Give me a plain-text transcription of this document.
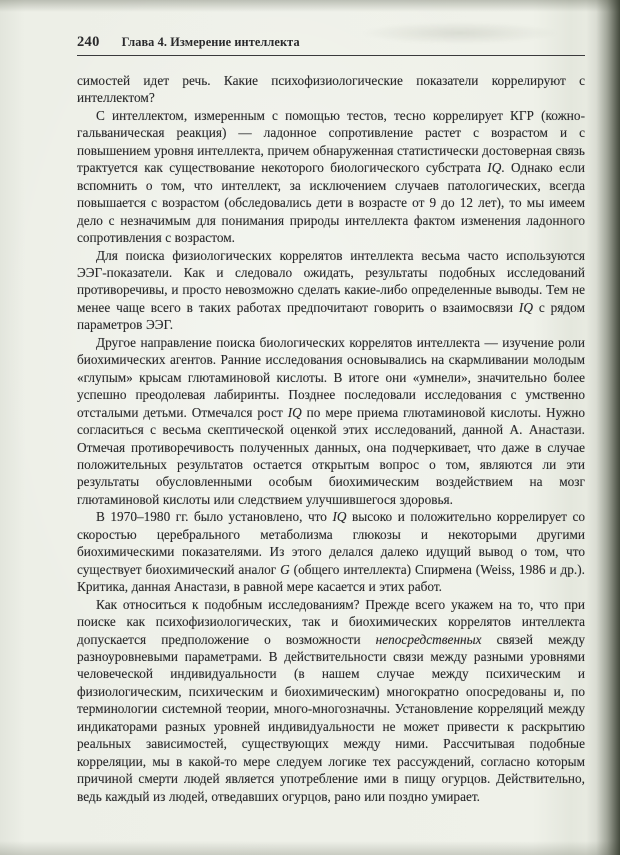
240 Глава 4. Измерение интеллекта

симостей идет речь. Какие психофизиологические показатели коррелируют с интеллектом?

С интеллектом, измеренным с помощью тестов, тесно коррелирует КГР (кожно-гальваническая реакция) — ладонное сопротивление растет с возрастом и с повышением уровня интеллекта, причем обнаруженная статистически достоверная связь трактуется как существование некоторого биологического субстрата IQ. Однако если вспомнить о том, что интеллект, за исключением случаев патологических, всегда повышается с возрастом (обследовались дети в возрасте от 9 до 12 лет), то мы имеем дело с незначимым для понимания природы интеллекта фактом изменения ладонного сопротивления с возрастом.

Для поиска физиологических коррелятов интеллекта весьма часто используются ЭЭГ-показатели. Как и следовало ожидать, результаты подобных исследований противоречивы, и просто невозможно сделать какие-либо определенные выводы. Тем не менее чаще всего в таких работах предпочитают говорить о взаимосвязи IQ с рядом параметров ЭЭГ.

Другое направление поиска биологических коррелятов интеллекта — изучение роли биохимических агентов. Ранние исследования основывались на скармливании молодым «глупым» крысам глютаминовой кислоты. В итоге они «умнели», значительно более успешно преодолевая лабиринты. Позднее последовали исследования с умственно отсталыми детьми. Отмечался рост IQ по мере приема глютаминовой кислоты. Нужно согласиться с весьма скептической оценкой этих исследований, данной А. Анастази. Отмечая противоречивость полученных данных, она подчеркивает, что даже в случае положительных результатов остается открытым вопрос о том, являются ли эти результаты обусловленными особым биохимическим воздействием на мозг глютаминовой кислоты или следствием улучшившегося здоровья.

В 1970–1980 гг. было установлено, что IQ высоко и положительно коррелирует со скоростью церебрального метаболизма глюкозы и некоторыми другими биохимическими показателями. Из этого делался далеко идущий вывод о том, что существует биохимический аналог G (общего интеллекта) Спирмена (Weiss, 1986 и др.). Критика, данная Анастази, в равной мере касается и этих работ.

Как относиться к подобным исследованиям? Прежде всего укажем на то, что при поиске как психофизиологических, так и биохимических коррелятов интеллекта допускается предположение о возможности непосредственных связей между разноуровневыми параметрами. В действительности связи между разными уровнями человеческой индивидуальности (в нашем случае между психическим и физиологическим, психическим и биохимическим) многократно опосредованы и, по терминологии системной теории, много-многозначны. Установление корреляций между индикаторами разных уровней индивидуальности не может привести к раскрытию реальных зависимостей, существующих между ними. Рассчитывая подобные корреляции, мы в какой-то мере следуем логике тех рассуждений, согласно которым причиной смерти людей является употребление ими в пищу огурцов. Действительно, ведь каждый из людей, отведавших огурцов, рано или поздно умирает.
